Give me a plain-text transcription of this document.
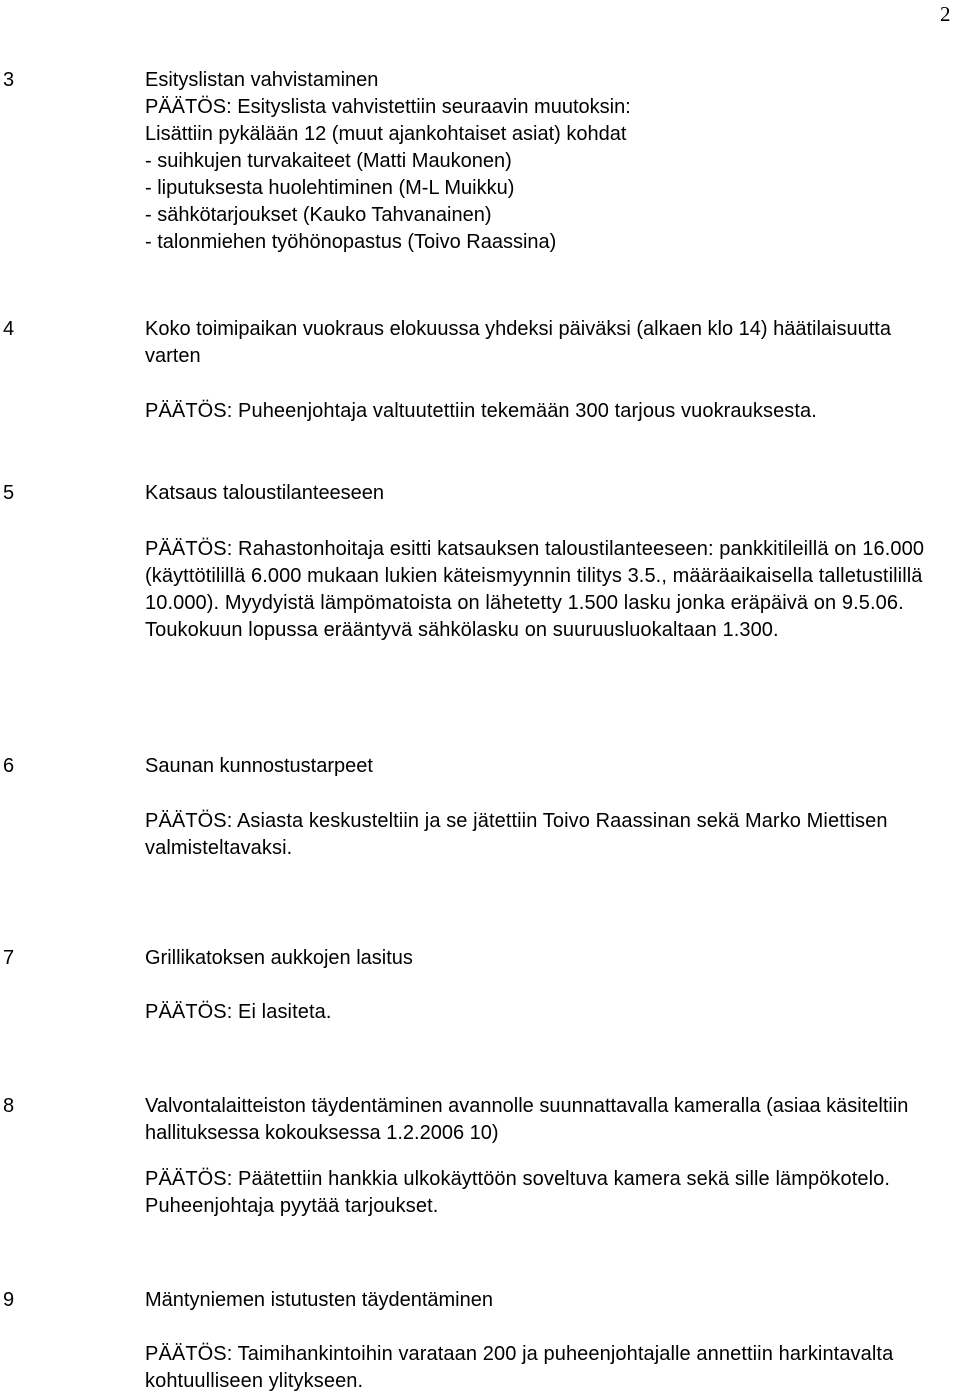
2
3	Esityslistan vahvistaminen
PÄÄTÖS: Esityslista vahvistettiin seuraavin muutoksin:
Lisättiin pykälään 12 (muut ajankohtaiset asiat) kohdat
- suihkujen turvakaiteet (Matti Maukonen)
- liputuksesta huolehtiminen (M-L Muikku)
- sähkötarjoukset (Kauko Tahvanainen)
- talonmiehen työhönopastus (Toivo Raassina)
4	Koko toimipaikan vuokraus elokuussa yhdeksi päiväksi (alkaen klo 14) häätilaisuutta varten
PÄÄTÖS: Puheenjohtaja valtuutettiin tekemään 300 tarjous vuokrauksesta.
5	Katsaus taloustilanteeseen
PÄÄTÖS: Rahastonhoitaja esitti katsauksen taloustilanteeseen: pankkitileillä on 16.000 (käyttötilillä 6.000 mukaan lukien käteismyynnin tilitys 3.5., määräaikaisella talletustilillä 10.000). Myydyistä lämpömatoista on lähetetty 1.500 lasku jonka eräpäivä on 9.5.06. Toukokuun lopussa erääntyvä sähkölasku on suuruusluokaltaan 1.300.
6	Saunan kunnostustarpeet
PÄÄTÖS: Asiasta keskusteltiin ja se jätettiin Toivo Raassinan sekä Marko Miettisen valmisteltavaksi.
7	Grillikatoksen aukkojen lasitus
PÄÄTÖS: Ei lasiteta.
8	Valvontalaitteiston täydentäminen avannolle suunnattavalla kameralla (asiaa käsiteltiin hallituksessa kokouksessa 1.2.2006 10)
PÄÄTÖS: Päätettiin hankkia ulkokäyttöön soveltuva kamera sekä sille lämpökotelo. Puheenjohtaja pyytää tarjoukset.
9	Mäntyniemen istutusten täydentäminen
PÄÄTÖS: Taimihankintoihin varataan 200 ja puheenjohtajalle annettiin harkintavalta kohtuulliseen ylitykseen.
